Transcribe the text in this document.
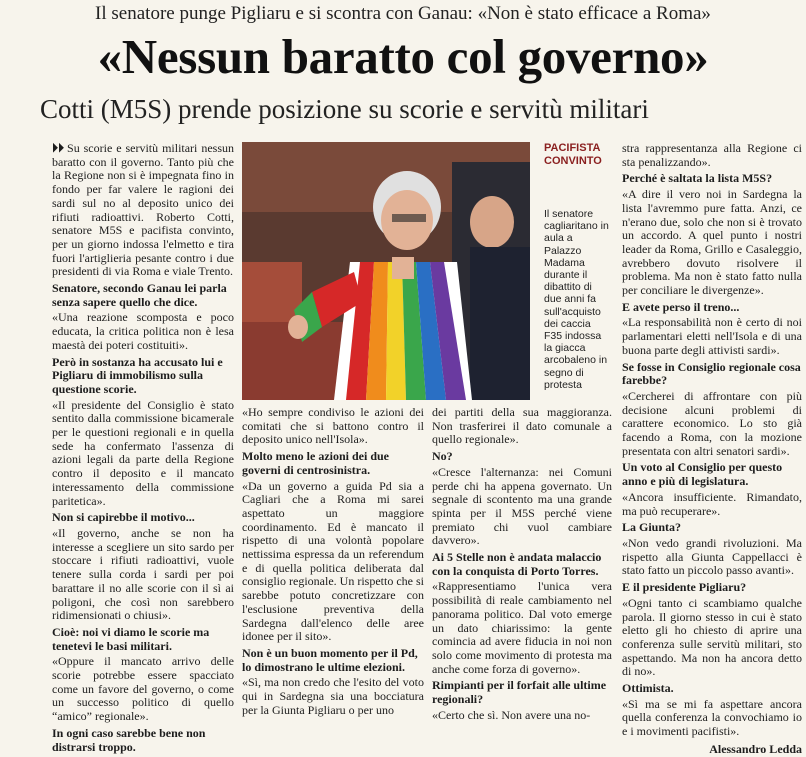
Il senatore punge Pigliaru e si scontra con Ganau: «Non è stato efficace a Roma»
«Nessun baratto col governo»
Cotti (M5S) prende posizione su scorie e servitù militari

⏵⏵ Su scorie e servitù militari nessun baratto con il governo. Tanto più che la Regione non si è impegnata fino in fondo per far valere le ragioni dei sardi sul no al deposito unico dei rifiuti radioattivi. Roberto Cotti, senatore M5S e pacifista convinto, per un giorno indossa l'elmetto e tira fuori l'artiglieria pesante contro i due presidenti di via Roma e viale Trento.

Senatore, secondo Ganau lei parla senza sapere quello che dice.

«Una reazione scomposta e poco educata, la critica politica non è lesa maestà dei poteri costituiti».

Però in sostanza ha accusato lui e Pigliaru di immobilismo sulla questione scorie.

«Il presidente del Consiglio è stato sentito dalla commissione bicamerale per le questioni regionali e in quella sede ha confermato l'assenza di azioni legali da parte della Regione contro il deposito e il mancato interessamento della commissione paritetica».

Non si capirebbe il motivo...

«Il governo, anche se non ha interesse a scegliere un sito sardo per stoccare i rifiuti radioattivi, vuole tenere sulla corda i sardi per poi barattare il no alle scorie con il sì ai poligoni, che così non sarebbero ridimensionati o chiusi».

Cioè: noi vi diamo le scorie ma tenetevi le basi militari.

«Oppure il mancato arrivo delle scorie potrebbe essere spacciato come un favore del governo, o come un successo politico di quello “amico” regionale».

In ogni caso sarebbe bene non distrarsi troppo.

PACIFISTA CONVINTO
Il senatore cagliaritano in aula a Palazzo Madama durante il dibattito di due anni fa sull'acquisto dei caccia F35 indossa la giacca arcobaleno in segno di protesta

«Ho sempre condiviso le azioni dei comitati che si battono contro il deposito unico nell'Isola».

Molto meno le azioni dei due governi di centrosinistra.

«Da un governo a guida Pd sia a Cagliari che a Roma mi sarei aspettato un maggiore coordinamento. Ed è mancato il rispetto di una volontà popolare nettissima espressa da un referendum e di quella politica deliberata dal consiglio regionale. Un rispetto che si sarebbe potuto concretizzare con l'esclusione preventiva della Sardegna dall'elenco delle aree idonee per il sito».

Non è un buon momento per il Pd, lo dimostrano le ultime elezioni.

«Sì, ma non credo che l'esito del voto qui in Sardegna sia una bocciatura per la Giunta Pigliaru o per uno

dei partiti della sua maggioranza. Non trasferirei il dato comunale a quello regionale».

No?

«Cresce l'alternanza: nei Comuni perde chi ha appena governato. Un segnale di scontento ma una grande spinta per il M5S perché viene premiato chi vuol cambiare davvero».

Ai 5 Stelle non è andata malaccio con la conquista di Porto Torres.

«Rappresentiamo l'unica vera possibilità di reale cambiamento nel panorama politico. Dal voto emerge un dato chiarissimo: la gente comincia ad avere fiducia in noi non solo come movimento di protesta ma anche come forza di governo».

Rimpianti per il forfait alle ultime regionali?

«Certo che sì. Non avere una no-

stra rappresentanza alla Regione ci sta penalizzando».

Perché è saltata la lista M5S?

«A dire il vero noi in Sardegna la lista l'avremmo pure fatta. Anzi, ce n'erano due, solo che non si è trovato un accordo. A quel punto i nostri leader da Roma, Grillo e Casaleggio, avrebbero dovuto risolvere il problema. Ma non è stato fatto nulla per conciliare le divergenze».

E avete perso il treno...

«La responsabilità non è certo di noi parlamentari eletti nell'Isola e di una buona parte degli attivisti sardi».

Se fosse in Consiglio regionale cosa farebbe?

«Cercherei di affrontare con più decisione alcuni problemi di carattere economico. Lo sto già facendo a Roma, con la mozione presentata con altri senatori sardi».

Un voto al Consiglio per questo anno e più di legislatura.

«Ancora insufficiente. Rimandato, ma può recuperare».

La Giunta?

«Non vedo grandi rivoluzioni. Ma rispetto alla Giunta Cappellacci è stato fatto un piccolo passo avanti».

E il presidente Pigliaru?

«Ogni tanto ci scambiamo qualche parola. Il giorno stesso in cui è stato eletto gli ho chiesto di aprire una conferenza sulle servitù militari, sto aspettando. Ma non ha ancora detto di no».

Ottimista.

«Sì ma se mi fa aspettare ancora quella conferenza la convochiamo io e i movimenti pacifisti».

Alessandro Ledda
